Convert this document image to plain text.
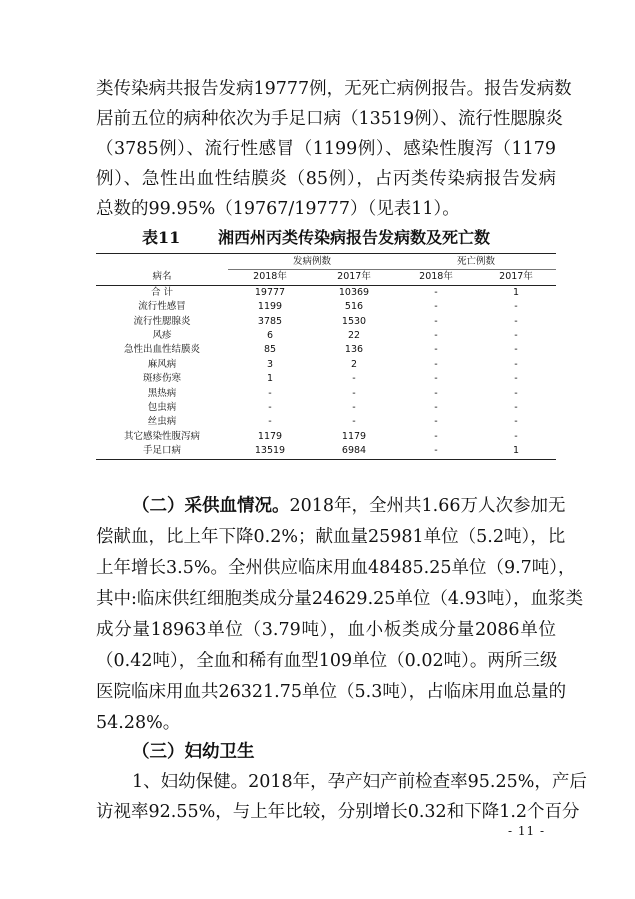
类传染病共报告发病19777例，无死亡病例报告。报告发病数
居前五位的病种依次为手足口病（13519例）、流行性腮腺炎
（3785例）、流行性感冒（1199例）、感染性腹泻（1179
例）、急性出血性结膜炎（85例），占丙类传染病报告发病
总数的99.95%（19767/19777）（见表11）。
表11 湘西州丙类传染病报告发病数及死亡数
	发病例数		死亡例数	
病名	2018年	2017年	2018年	2017年
合 计	19777	10369	-	1
流行性感冒	1199	516	-	-
流行性腮腺炎	3785	1530	-	-
风疹	6	22	-	-
急性出血性结膜炎	85	136	-	-
麻风病	3	2	-	-
斑疹伤寒	1	-	-	-
黑热病	-	-	-	-
包虫病	-	-	-	-
丝虫病	-	-	-	-
其它感染性腹泻病	1179	1179	-	-
手足口病	13519	6984	-	1
（二）采供血情况。2018年，全州共1.66万人次参加无
偿献血，比上年下降0.2%；献血量25981单位（5.2吨），比
上年增长3.5%。全州供应临床用血48485.25单位（9.7吨），
其中:临床供红细胞类成分量24629.25单位（4.93吨），血浆类
成分量18963单位（3.79吨），血小板类成分量2086单位
（0.42吨），全血和稀有血型109单位（0.02吨）。两所三级
医院临床用血共26321.75单位（5.3吨），占临床用血总量的
54.28%。
（三）妇幼卫生
1、妇幼保健。2018年，孕产妇产前检查率95.25%，产后
访视率92.55%，与上年比较，分别增长0.32和下降1.2个百分
- 11 -
